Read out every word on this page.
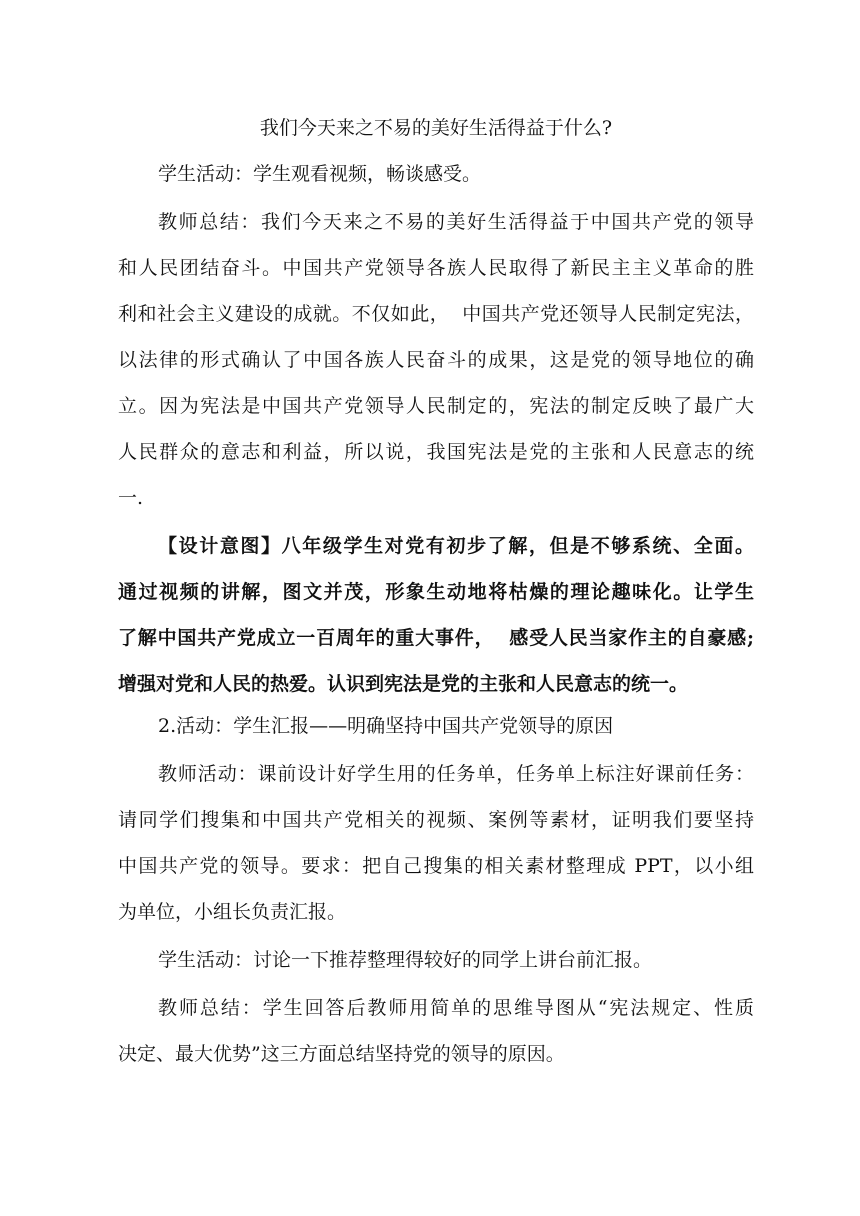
我们今天来之不易的美好生活得益于什么?
学生活动：学生观看视频，畅谈感受。
教师总结：我们今天来之不易的美好生活得益于中国共产党的领导
和人民团结奋斗。中国共产党领导各族人民取得了新民主主义革命的胜
利和社会主义建设的成就。不仅如此，  中国共产党还领导人民制定宪法，
以法律的形式确认了中国各族人民奋斗的成果，这是党的领导地位的确
立。因为宪法是中国共产党领导人民制定的，宪法的制定反映了最广大
人民群众的意志和利益，所以说，我国宪法是党的主张和人民意志的统
一.
【设计意图】八年级学生对党有初步了解，但是不够系统、全面。
通过视频的讲解，图文并茂，形象生动地将枯燥的理论趣味化。让学生
了解中国共产党成立一百周年的重大事件，  感受人民当家作主的自豪感;
增强对党和人民的热爱。认识到宪法是党的主张和人民意志的统一。
2.活动：学生汇报——明确坚持中国共产党领导的原因
教师活动：课前设计好学生用的任务单，任务单上标注好课前任务：
请同学们搜集和中国共产党相关的视频、案例等素材，证明我们要坚持
中国共产党的领导。要求：把自己搜集的相关素材整理成 PPT，以小组
为单位，小组长负责汇报。
学生活动：讨论一下推荐整理得较好的同学上讲台前汇报。
教师总结：学生回答后教师用简单的思维导图从“宪法规定、性质
决定、最大优势”这三方面总结坚持党的领导的原因。
